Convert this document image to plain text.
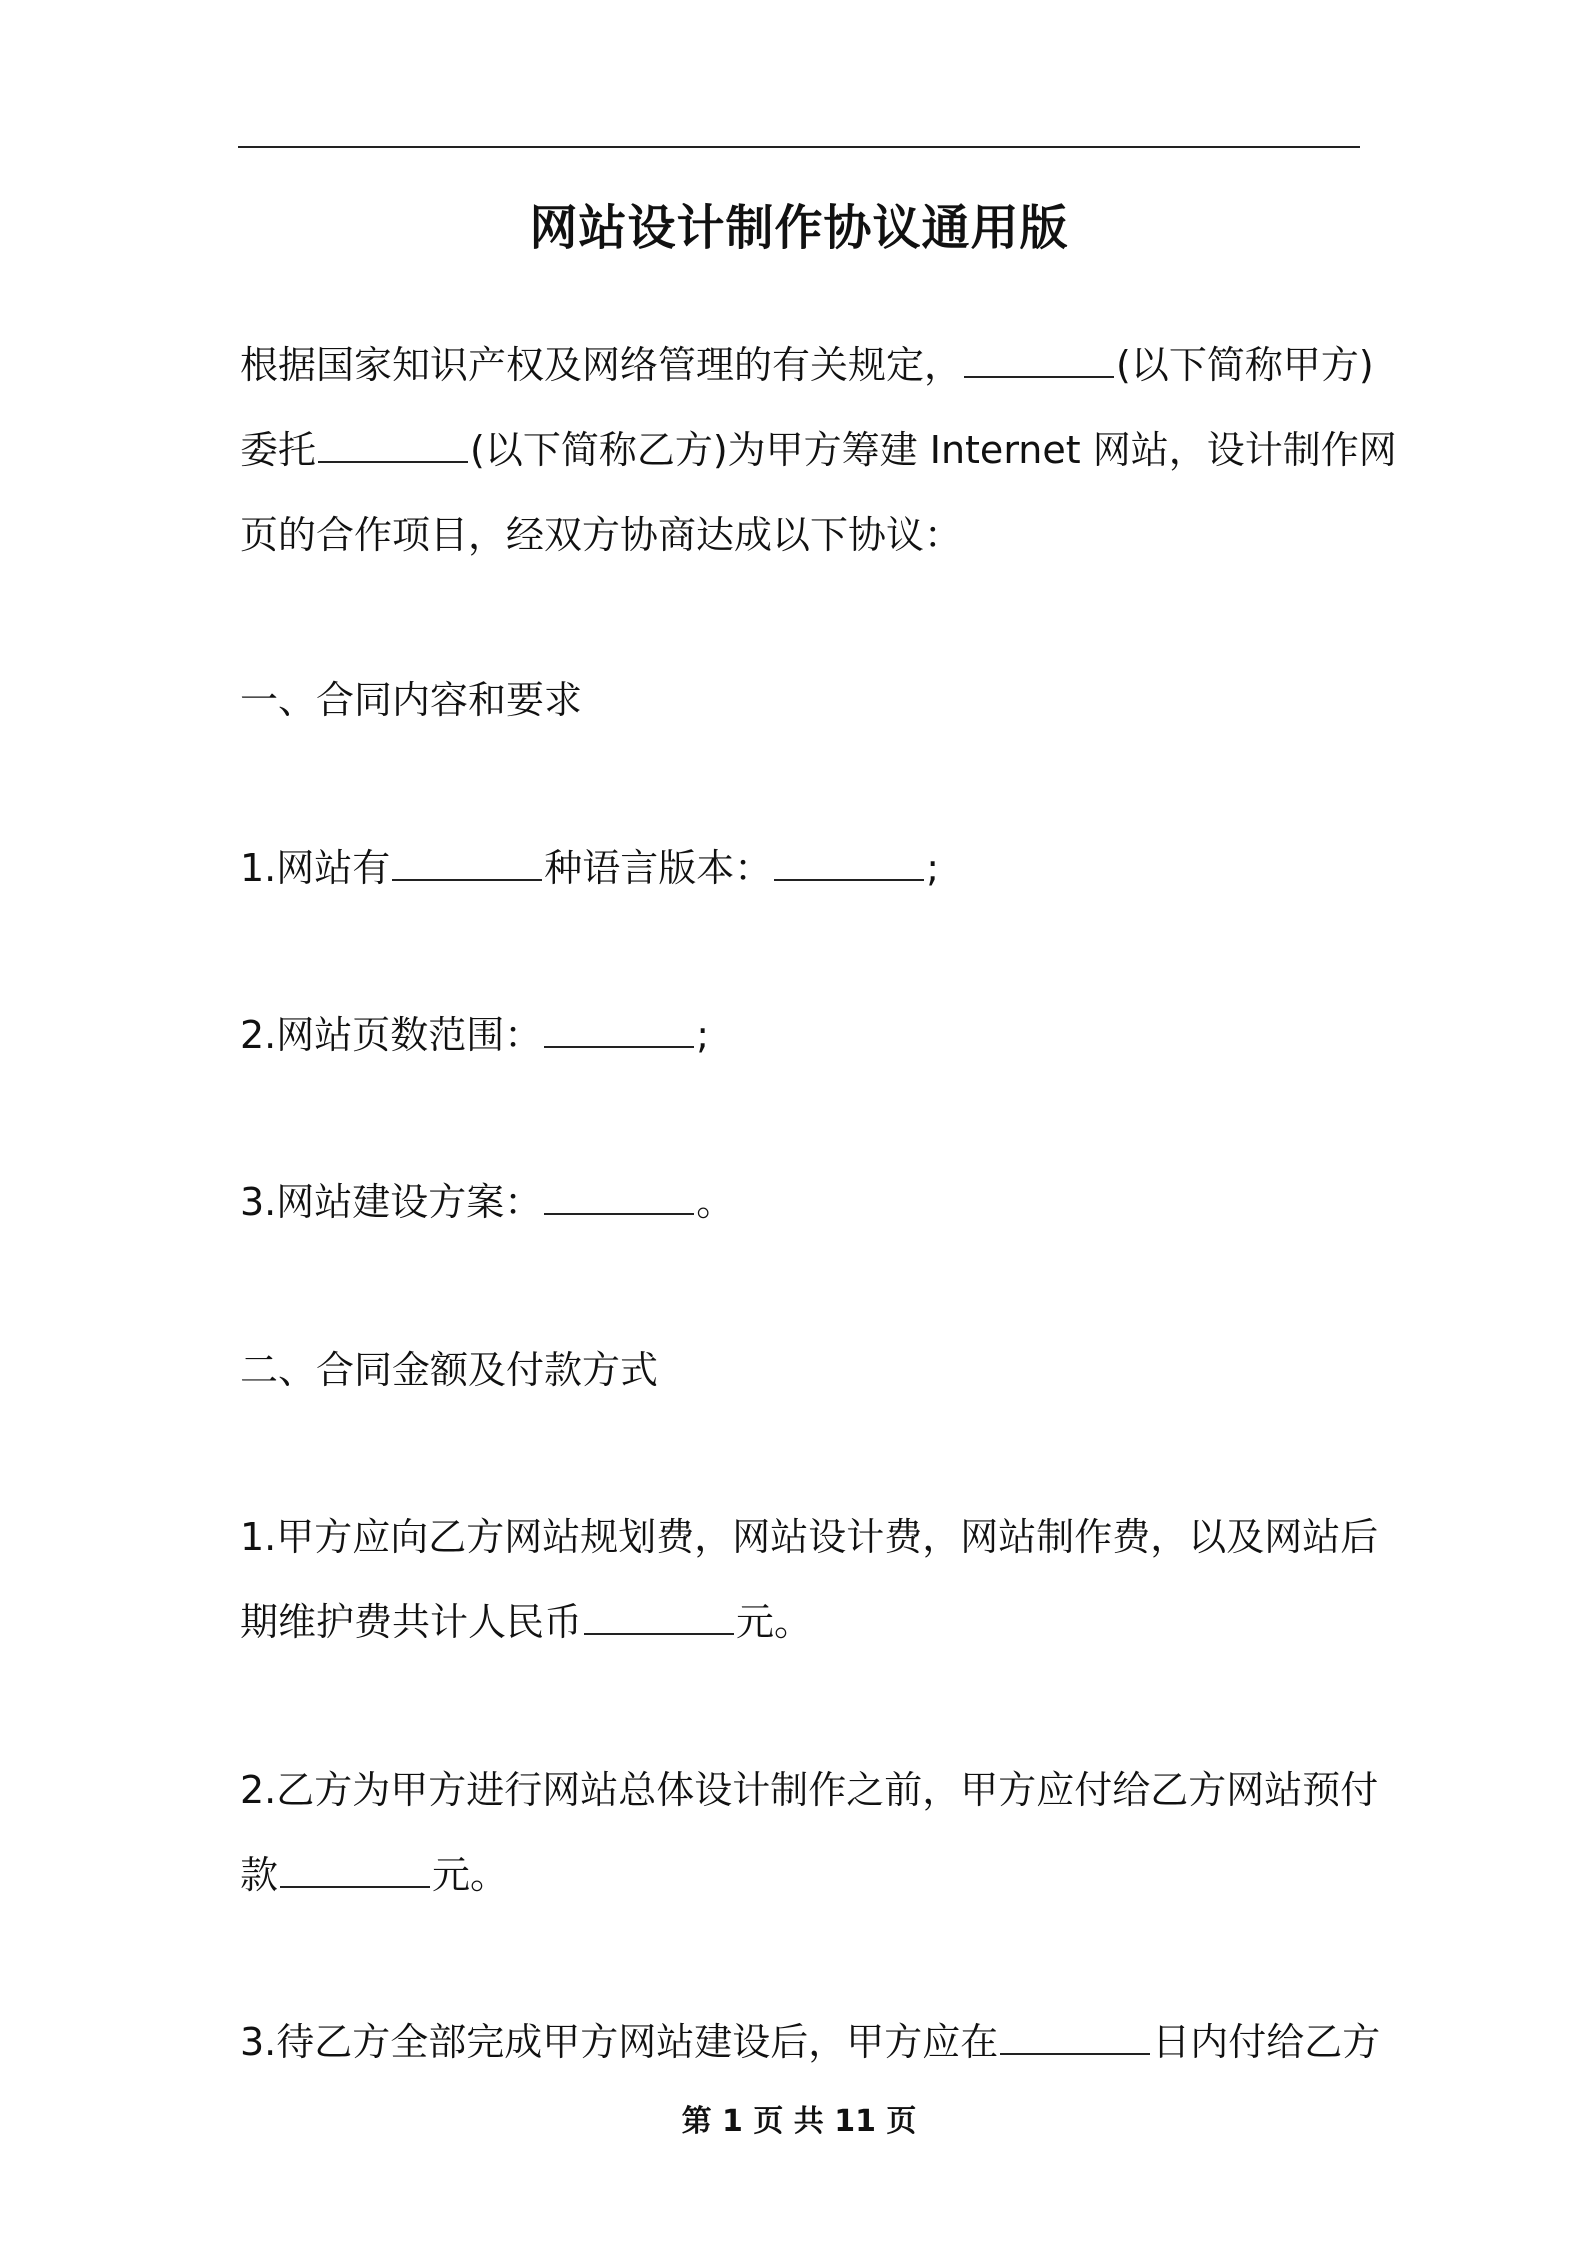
网站设计制作协议通用版
根据国家知识产权及网络管理的有关规定，	(以下简称甲方)
委托	(以下简称乙方)为甲方筹建 Internet 网站，设计制作网
页的合作项目，经双方协商达成以下协议：
一、合同内容和要求
1.网站有	种语言版本：	;
2.网站页数范围：	;
3.网站建设方案：	。
二、合同金额及付款方式
1.甲方应向乙方网站规划费，网站设计费，网站制作费，以及网站后
期维护费共计人民币	元。
2.乙方为甲方进行网站总体设计制作之前，甲方应付给乙方网站预付
款	元。
3.待乙方全部完成甲方网站建设后，甲方应在	日内付给乙方
第 1 页 共 11 页
